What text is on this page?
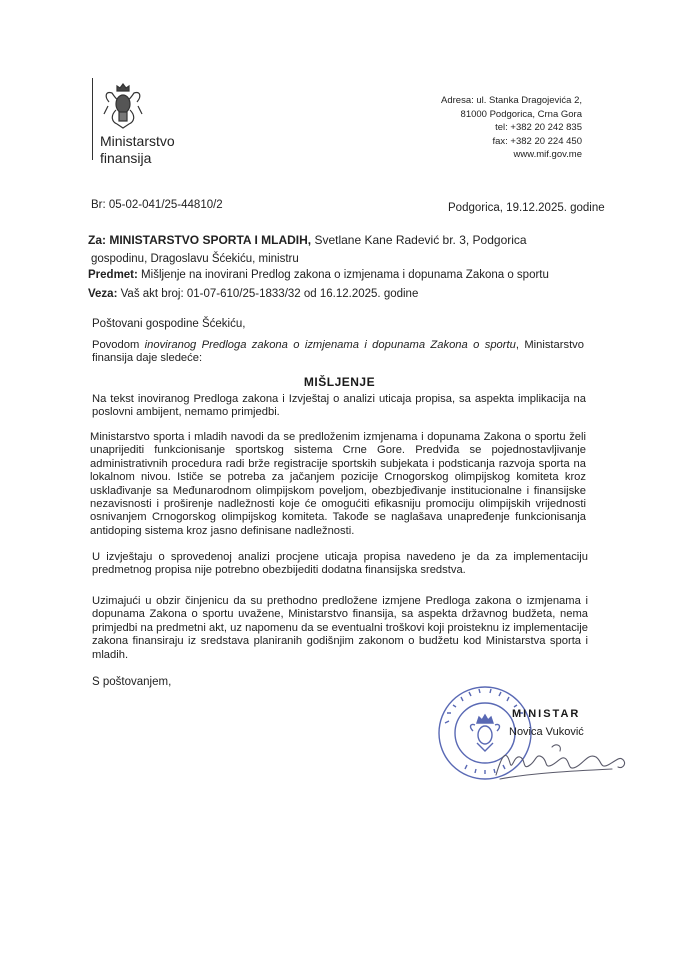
Ministarstvo
finansija
Adresa: ul. Stanka Dragojevića 2,
81000 Podgorica, Crna Gora
tel: +382 20 242 835
fax: +382 20 224 450
www.mif.gov.me
Br: 05-02-041/25-44810/2	Podgorica, 19.12.2025. godine
Za: MINISTARSTVO SPORTA I MLADIH, Svetlane Kane Radević br. 3, Podgorica
gospodinu, Dragoslavu Šćekiću, ministru
Predmet: Mišljenje na inovirani Predlog zakona o izmjenama i dopunama Zakona o sportu
Veza: Vaš akt broj: 01-07-610/25-1833/32 od 16.12.2025. godine
Poštovani gospodine Šćekiću,
Povodom inoviranog Predloga zakona o izmjenama i dopunama Zakona o sportu, Ministarstvo finansija daje sledeće:
MIŠLJENJE
Na tekst inoviranog Predloga zakona i Izvještaj o analizi uticaja propisa, sa aspekta implikacija na poslovni ambijent, nemamo primjedbi.
Ministarstvo sporta i mladih navodi da se predloženim izmjenama i dopunama Zakona o sportu želi unaprijediti funkcionisanje sportskog sistema Crne Gore. Predviđa se pojednostavljivanje administrativnih procedura radi brže registracije sportskih subjekata i podsticanja razvoja sporta na lokalnom nivou. Ističe se potreba za jačanjem pozicije Crnogorskog olimpijskog komiteta kroz usklađivanje sa Međunarodnom olimpijskom poveljom, obezbjeđivanje institucionalne i finansijske nezavisnosti i proširenje nadležnosti koje će omogućiti efikasniju promociju olimpijskih vrijednosti osnivanjem Crnogorskog olimpijskog komiteta. Takođe se naglašava unapređenje funkcionisanja antidoping sistema kroz jasno definisane nadležnosti.
U izvještaju o sprovedenoj analizi procjene uticaja propisa navedeno je da za implementaciju predmetnog propisa nije potrebno obezbijediti dodatna finansijska sredstva.
Uzimajući u obzir činjenicu da su prethodno predložene izmjene Predloga zakona o izmjenama i dopunama Zakona o sportu uvažene, Ministarstvo finansija, sa aspekta državnog budžeta, nema primjedbi na predmetni akt, uz napomenu da se eventualni troškovi koji proisteknu iz implementacije zakona finansiraju iz sredstava planiranih godišnjim zakonom o budžetu kod Ministarstva sporta i mladih.
S poštovanjem,
MINISTAR
Novica Vuković
